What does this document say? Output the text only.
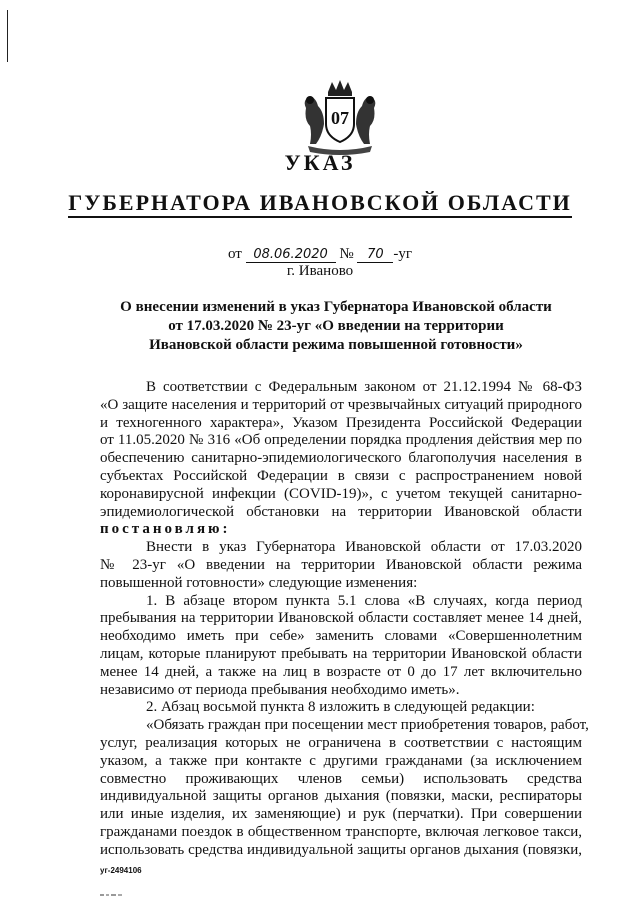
07
УКАЗ
ГУБЕРНАТОРА ИВАНОВСКОЙ ОБЛАСТИ
от 08.06.2020 № 70 -уг
г. Иваново
О внесении изменений в указ Губернатора Ивановской области
от 17.03.2020 № 23-уг «О введении на территории
Ивановской области режима повышенной готовности»
В соответствии с Федеральным законом от 21.12.1994 № 68-ФЗ
«О защите населения и территорий от чрезвычайных ситуаций природного
и техногенного характера», Указом Президента Российской Федерации
от 11.05.2020 № 316 «Об определении порядка продления действия мер по
обеспечению санитарно-эпидемиологического благополучия населения в
субъектах Российской Федерации в связи с распространением новой
коронавирусной инфекции (COVID-19)», с учетом текущей санитарно-
эпидемиологической обстановки на территории Ивановской области
постановляю:
Внести в указ Губернатора Ивановской области от 17.03.2020
№ 23-уг «О введении на территории Ивановской области режима
повышенной готовности» следующие изменения:
1. В абзаце втором пункта 5.1 слова «В случаях, когда период
пребывания на территории Ивановской области составляет менее 14 дней,
необходимо иметь при себе» заменить словами «Совершеннолетним
лицам, которые планируют пребывать на территории Ивановской области
менее 14 дней, а также на лиц в возрасте от 0 до 17 лет включительно
независимо от периода пребывания необходимо иметь».
2. Абзац восьмой пункта 8 изложить в следующей редакции:
«Обязать граждан при посещении мест приобретения товаров, работ,
услуг, реализация которых не ограничена в соответствии с настоящим
указом, а также при контакте с другими гражданами (за исключением
совместно проживающих членов семьи) использовать средства
индивидуальной защиты органов дыхания (повязки, маски, респираторы
или иные изделия, их заменяющие) и рук (перчатки). При совершении
гражданами поездок в общественном транспорте, включая легковое такси,
использовать средства индивидуальной защиты органов дыхания (повязки,
уг-2494106
